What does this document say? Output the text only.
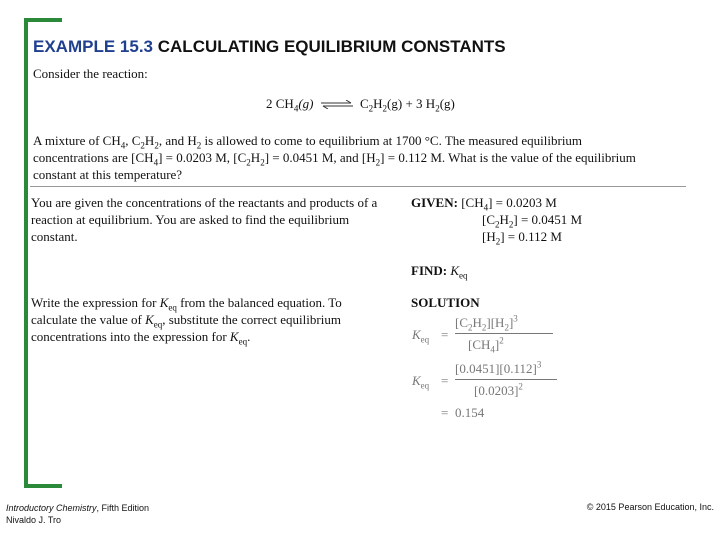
EXAMPLE 15.3 CALCULATING EQUILIBRIUM CONSTANTS
Consider the reaction:
2 $CH_4(g)$ ⇌ $C_2H_2(g) + 3$ $H_2(g)$
A mixture of $CH_4$, $C_2H_2$, and $H_2$ is allowed to come to equilibrium at 1700 °C. The measured equilibrium
concentrations are $[CH_4] = 0.0203$ M, $[C_2H_2] = 0.0451$ M, and $[H_2] = 0.112$ M. What is the value of the equilibrium
constant at this temperature?
You are given the concentrations of the reactants and products of a reaction at equilibrium. You are asked to find the equilibrium constant.
GIVEN: $[CH_4] = 0.0203$ M
$[C_2H_2] = 0.0451$ M
$[H_2] = 0.112$ M
FIND: $K_{eq}$
Write the expression for $K_{eq}$ from the balanced equation. To calculate the value of $K_{eq}$, substitute the correct equilibrium concentrations into the expression for $K_{eq}$.
SOLUTION
$K_{eq}$ =
$[C_2H_2][H_2]^3$
$[CH_4]^2$
$K_{eq}$ =
$[0.0451][0.112]^3$
$[0.0203]^2$
= 0.154
Introductory Chemistry, Fifth Edition
Nivaldo J. Tro
© 2015 Pearson Education, Inc.
